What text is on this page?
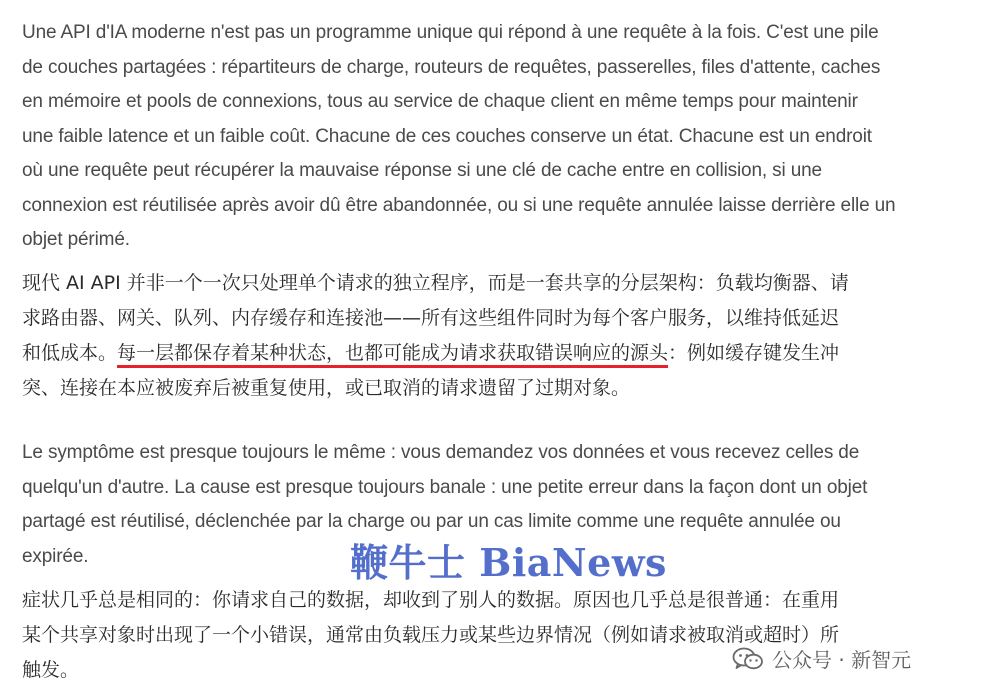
Une API d'IA moderne n'est pas un programme unique qui répond à une requête à la fois. C'est une pile
de couches partagées : répartiteurs de charge, routeurs de requêtes, passerelles, files d'attente, caches
en mémoire et pools de connexions, tous au service de chaque client en même temps pour maintenir
une faible latence et un faible coût. Chacune de ces couches conserve un état. Chacune est un endroit
où une requête peut récupérer la mauvaise réponse si une clé de cache entre en collision, si une
connexion est réutilisée après avoir dû être abandonnée, ou si une requête annulée laisse derrière elle un
objet périmé.

现代 AI API 并非一个一次只处理单个请求的独立程序，而是一套共享的分层架构：负载均衡器、请
求路由器、网关、队列、内存缓存和连接池——所有这些组件同时为每个客户服务，以维持低延迟
和低成本。每一层都保存着某种状态，也都可能成为请求获取错误响应的源头：例如缓存键发生冲
突、连接在本应被废弃后被重复使用，或已取消的请求遗留了过期对象。

Le symptôme est presque toujours le même : vous demandez vos données et vous recevez celles de
quelqu'un d'autre. La cause est presque toujours banale : une petite erreur dans la façon dont un objet
partagé est réutilisé, déclenchée par la charge ou par un cas limite comme une requête annulée ou
expirée.

症状几乎总是相同的：你请求自己的数据，却收到了别人的数据。原因也几乎总是很普通：在重用
某个共享对象时出现了一个小错误，通常由负载压力或某些边界情况（例如请求被取消或超时）所
触发。

鞭牛士 BiaNews
公众号 · 新智元
